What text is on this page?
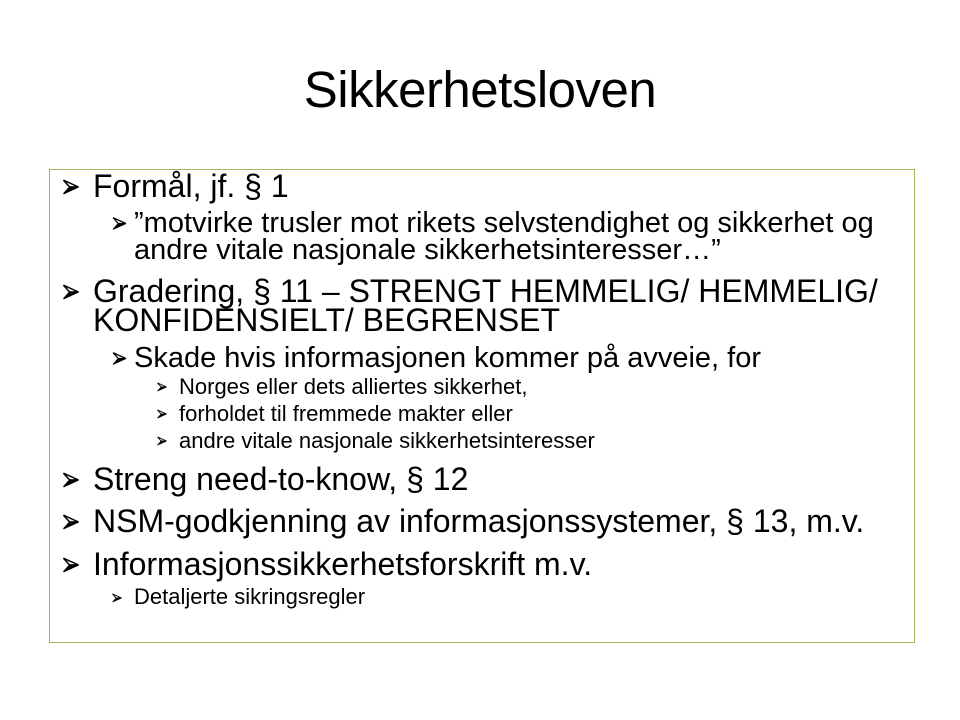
Sikkerhetsloven
Formål, jf. § 1
”motvirke trusler mot rikets selvstendighet og sikkerhet og andre vitale nasjonale sikkerhetsinteresser…”
Gradering, § 11 – STRENGT HEMMELIG/ HEMMELIG/ KONFIDENSIELT/ BEGRENSET
Skade hvis informasjonen kommer på avveie, for
Norges eller dets alliertes sikkerhet,
forholdet til fremmede makter eller
andre vitale nasjonale sikkerhetsinteresser
Streng need-to-know, § 12
NSM-godkjenning av informasjonssystemer, § 13, m.v.
Informasjonssikkerhetsforskrift m.v.
Detaljerte sikringsregler
